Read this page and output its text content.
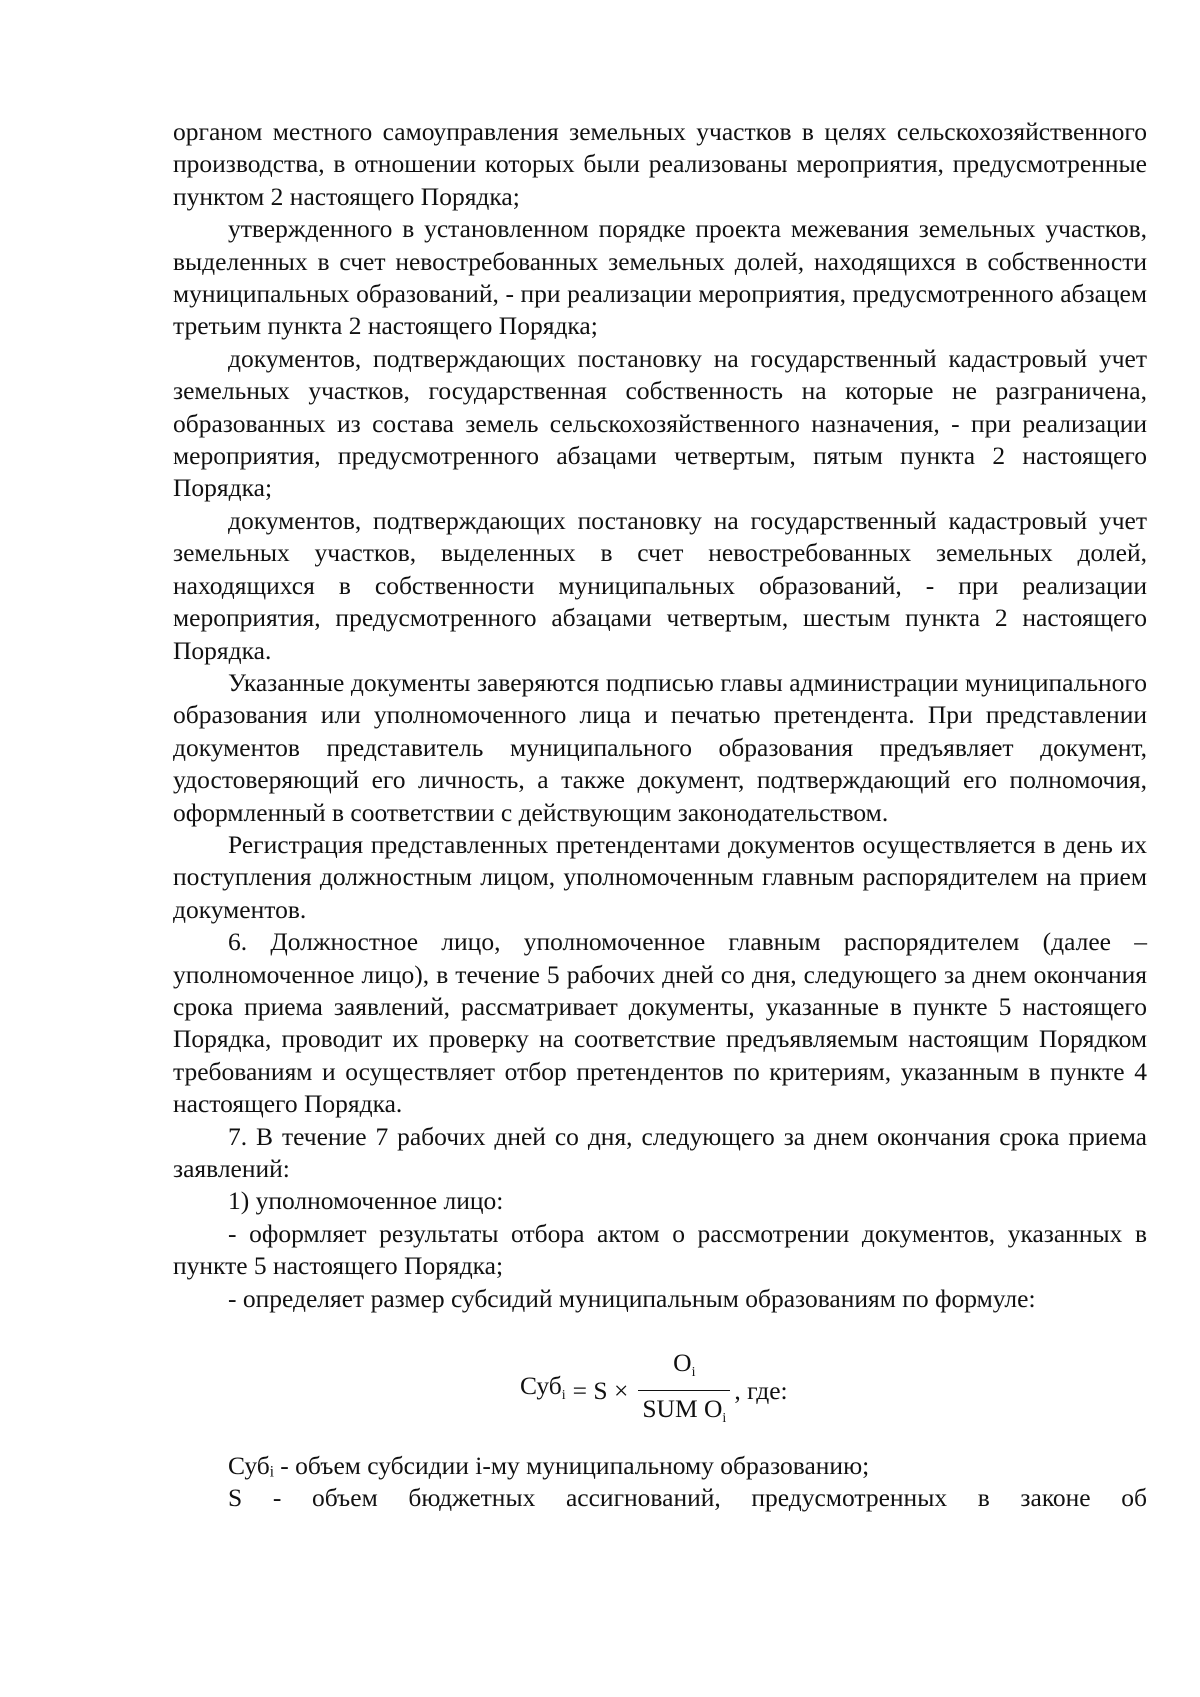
органом местного самоуправления земельных участков в целях сельскохозяйственного производства, в отношении которых были реализованы мероприятия, предусмотренные пунктом 2 настоящего Порядка;

утвержденного в установленном порядке проекта межевания земельных участков, выделенных в счет невостребованных земельных долей, находящихся в собственности муниципальных образований, - при реализации мероприятия, предусмотренного абзацем третьим пункта 2 настоящего Порядка;

документов, подтверждающих постановку на государственный кадастровый учет земельных участков, государственная собственность на которые не разграничена, образованных из состава земель сельскохозяйственного назначения, - при реализации мероприятия, предусмотренного абзацами четвертым, пятым пункта 2 настоящего Порядка;

документов, подтверждающих постановку на государственный кадастровый учет земельных участков, выделенных в счет невостребованных земельных долей, находящихся в собственности муниципальных образований, - при реализации мероприятия, предусмотренного абзацами четвертым, шестым пункта 2 настоящего Порядка.

Указанные документы заверяются подписью главы администрации муниципального образования или уполномоченного лица и печатью претендента. При представлении документов представитель муниципального образования предъявляет документ, удостоверяющий его личность, а также документ, подтверждающий его полномочия, оформленный в соответствии с действующим законодательством.

Регистрация представленных претендентами документов осуществляется в день их поступления должностным лицом, уполномоченным главным распорядителем на прием документов.

6. Должностное лицо, уполномоченное главным распорядителем (далее – уполномоченное лицо), в течение 5 рабочих дней со дня, следующего за днем окончания срока приема заявлений, рассматривает документы, указанные в пункте 5 настоящего Порядка, проводит их проверку на соответствие предъявляемым настоящим Порядком требованиям и осуществляет отбор претендентов по критериям, указанным в пункте 4 настоящего Порядка.

7. В течение 7 рабочих дней со дня, следующего за днем окончания срока приема заявлений:

1) уполномоченное лицо:

- оформляет результаты отбора актом о рассмотрении документов, указанных в пункте 5 настоящего Порядка;

- определяет размер субсидий муниципальным образованиям по формуле:

$Суб_i = S \times \frac{O_i}{SUM O_i}$ , где:

Субᵢ - объем субсидии i-му муниципальному образованию;

S - объем бюджетных ассигнований, предусмотренных в законе об
